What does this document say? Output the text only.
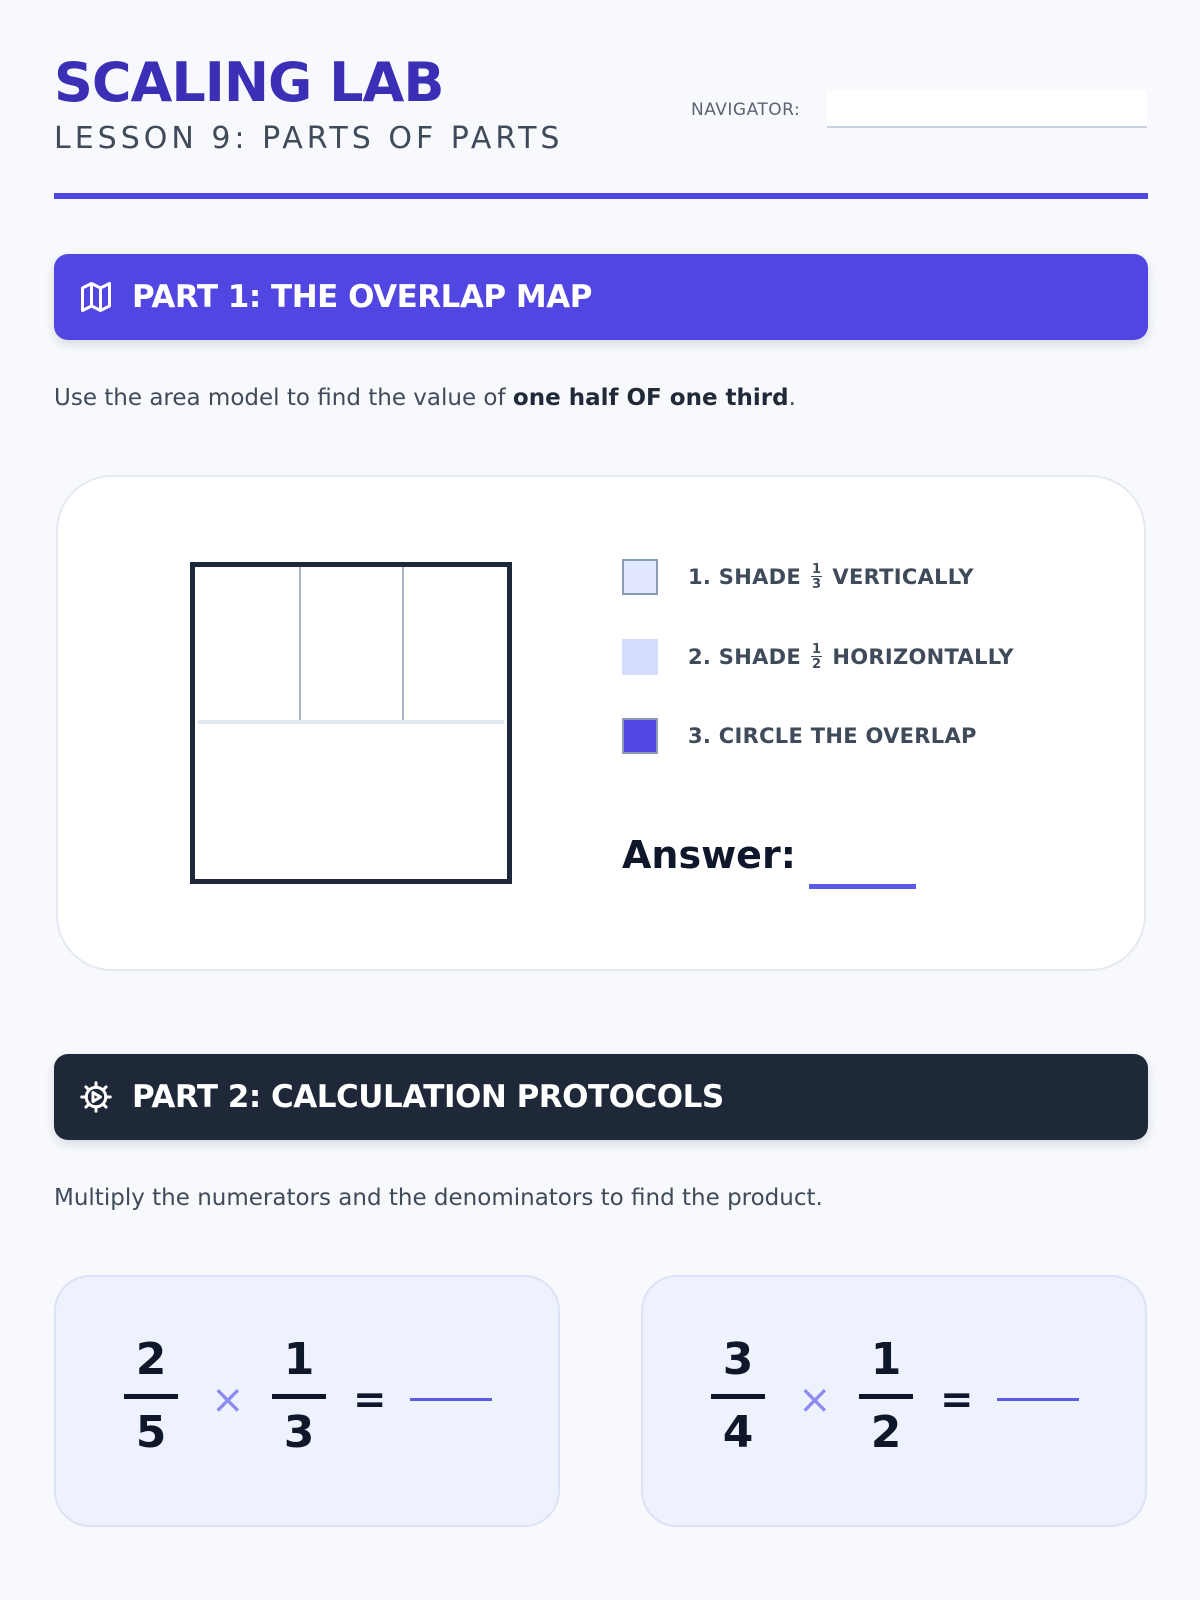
SCALING LAB
LESSON 9: PARTS OF PARTS
NAVIGATOR:
PART 1: THE OVERLAP MAP
Use the area model to find the value of one half OF one third.
1. SHADE $\frac{1}{3}$ VERTICALLY
2. SHADE $\frac{1}{2}$ HORIZONTALLY
3. CIRCLE THE OVERLAP
Answer:
PART 2: CALCULATION PROTOCOLS
Multiply the numerators and the denominators to find the product.
2
5
×
1
3
=
3
4
×
1
2
=
